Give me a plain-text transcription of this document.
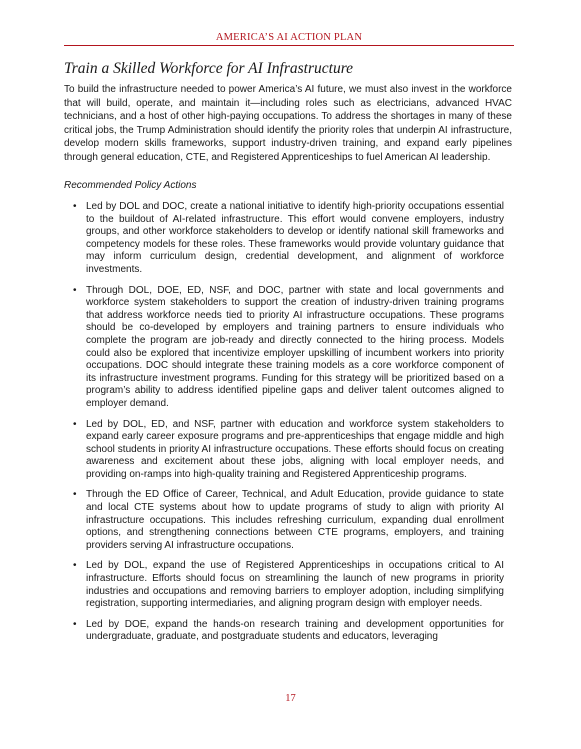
AMERICA’S AI ACTION PLAN
Train a Skilled Workforce for AI Infrastructure

To build the infrastructure needed to power America’s AI future, we must also invest in the workforce that will build, operate, and maintain it—including roles such as electricians, advanced HVAC technicians, and a host of other high-paying occupations. To address the shortages in many of these critical jobs, the Trump Administration should identify the priority roles that underpin AI infrastructure, develop modern skills frameworks, support industry-driven training, and expand early pipelines through general education, CTE, and Registered Apprenticeships to fuel American AI leadership.

Recommended Policy Actions

• Led by DOL and DOC, create a national initiative to identify high-priority occupations essential to the buildout of AI-related infrastructure. This effort would convene employers, industry groups, and other workforce stakeholders to develop or identify national skill frameworks and competency models for these roles. These frameworks would provide voluntary guidance that may inform curriculum design, credential development, and alignment of workforce investments.
• Through DOL, DOE, ED, NSF, and DOC, partner with state and local governments and workforce system stakeholders to support the creation of industry-driven training programs that address workforce needs tied to priority AI infrastructure occupations. These programs should be co-developed by employers and training partners to ensure individuals who complete the program are job-ready and directly connected to the hiring process. Models could also be explored that incentivize employer upskilling of incumbent workers into priority occupations. DOC should integrate these training models as a core workforce component of its infrastructure investment programs. Funding for this strategy will be prioritized based on a program’s ability to address identified pipeline gaps and deliver talent outcomes aligned to employer demand.
• Led by DOL, ED, and NSF, partner with education and workforce system stakeholders to expand early career exposure programs and pre-apprenticeships that engage middle and high school students in priority AI infrastructure occupations. These efforts should focus on creating awareness and excitement about these jobs, aligning with local employer needs, and providing on-ramps into high-quality training and Registered Apprenticeship programs.
• Through the ED Office of Career, Technical, and Adult Education, provide guidance to state and local CTE systems about how to update programs of study to align with priority AI infrastructure occupations. This includes refreshing curriculum, expanding dual enrollment options, and strengthening connections between CTE programs, employers, and training providers serving AI infrastructure occupations.
• Led by DOL, expand the use of Registered Apprenticeships in occupations critical to AI infrastructure. Efforts should focus on streamlining the launch of new programs in priority industries and occupations and removing barriers to employer adoption, including simplifying registration, supporting intermediaries, and aligning program design with employer needs.
• Led by DOE, expand the hands-on research training and development opportunities for undergraduate, graduate, and postgraduate students and educators, leveraging
17
